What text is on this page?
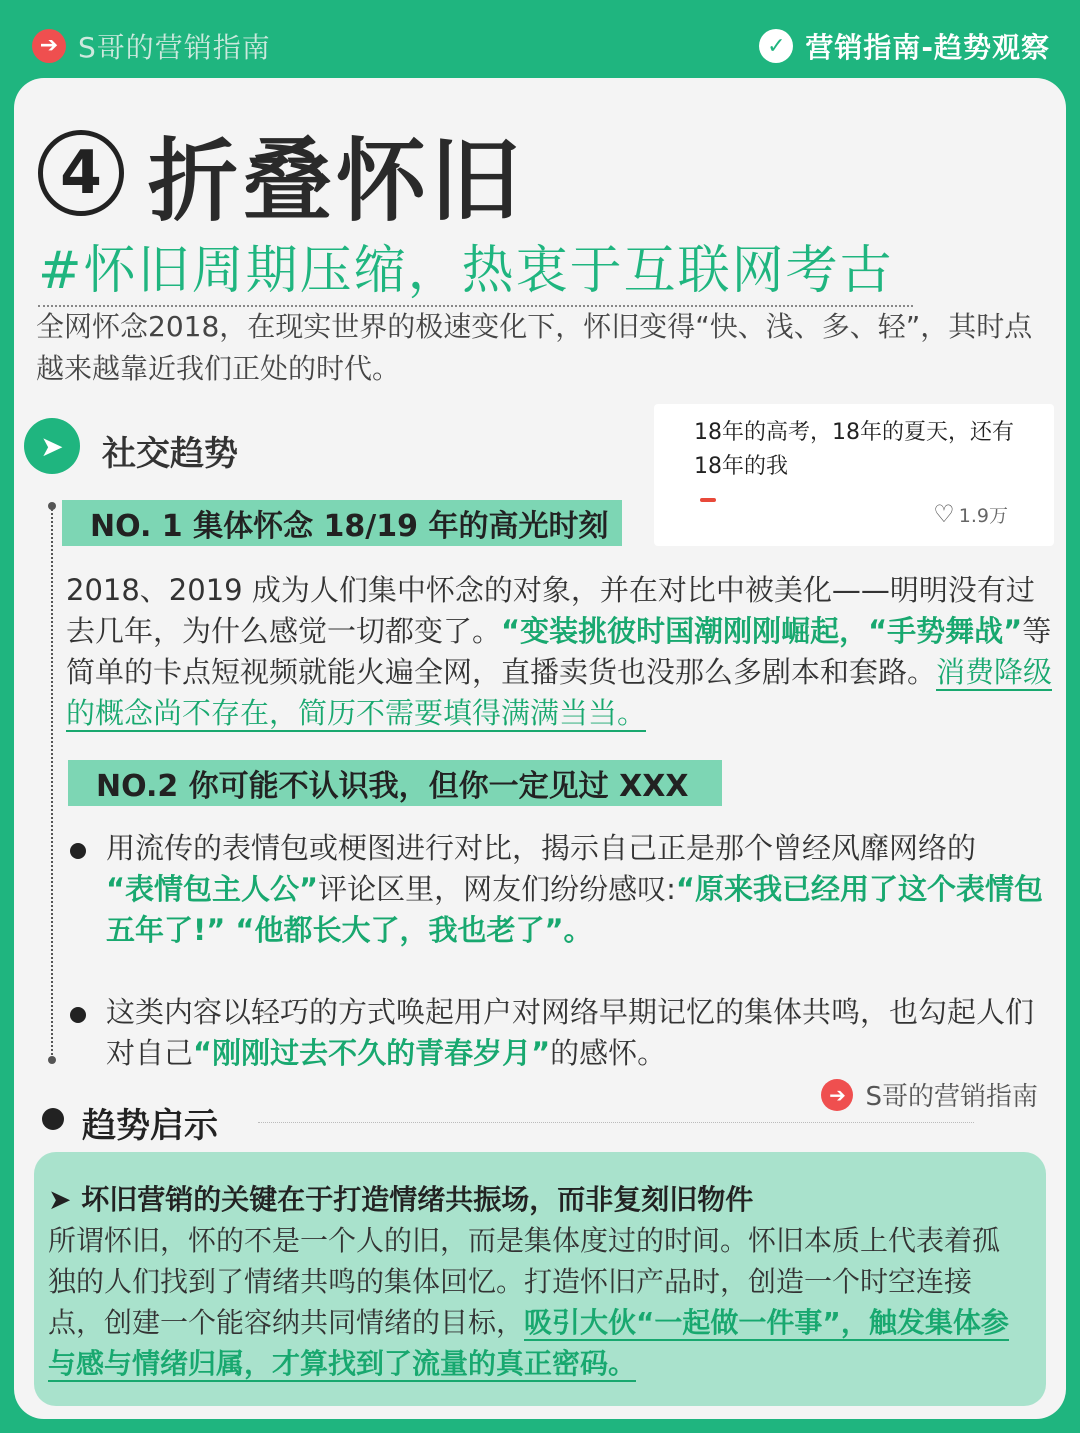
➔ S哥的营销指南	✓ 营销指南-趋势观察
4 折叠怀旧
#怀旧周期压缩，热衷于互联网考古
全网怀念2018，在现实世界的极速变化下，怀旧变得“快、浅、多、轻”，其时点越来越靠近我们正处的时代。
➤	社交趋势
18年的高考，18年的夏天，还有18年的我
♡ 1.9万
NO. 1 集体怀念 18/19 年的高光时刻
2018、2019 成为人们集中怀念的对象，并在对比中被美化——明明没有过去几年，为什么感觉一切都变了。“变装挑彼时国潮刚刚崛起，“手势舞战”等简单的卡点短视频就能火遍全网，直播卖货也没那么多剧本和套路。消费降级的概念尚不存在，简历不需要填得满满当当。
NO.2 你可能不认识我，但你一定见过 XXX
用流传的表情包或梗图进行对比，揭示自己正是那个曾经风靡网络的
“表情包主人公”评论区里，网友们纷纷感叹:“原来我已经用了这个表情包五年了!” “他都长大了，我也老了”。
这类内容以轻巧的方式唤起用户对网络早期记忆的集体共鸣，也勾起人们对自己“刚刚过去不久的青春岁月”的感怀。
➔ S哥的营销指南
趋势启示
➤ 坏旧营销的关键在于打造情绪共振场，而非复刻旧物件
所谓怀旧，怀的不是一个人的旧，而是集体度过的时间。怀旧本质上代表着孤独的人们找到了情绪共鸣的集体回忆。打造怀旧产品时，创造一个时空连接点，创建一个能容纳共同情绪的目标，吸引大伙“一起做一件事”，触发集体参与感与情绪归属，才算找到了流量的真正密码。
